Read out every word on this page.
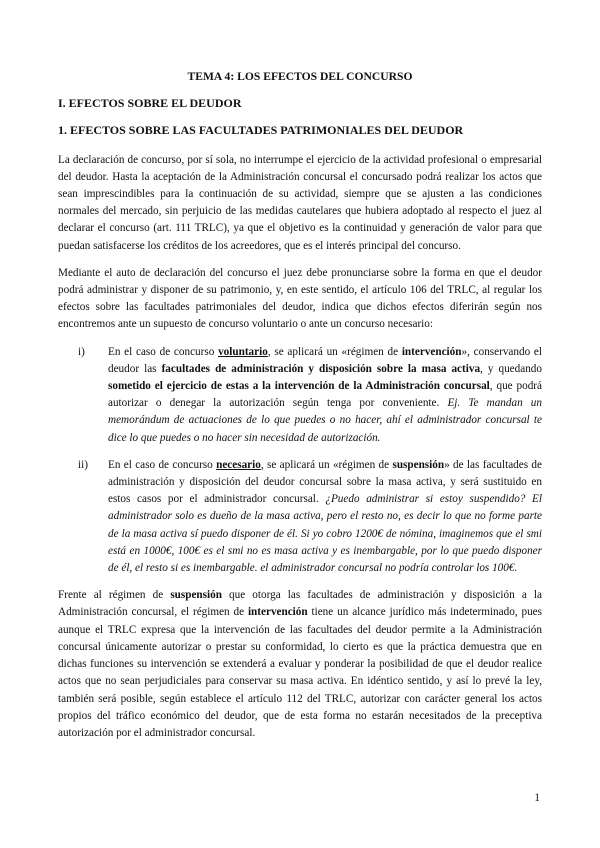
TEMA 4: LOS EFECTOS DEL CONCURSO
I. EFECTOS SOBRE EL DEUDOR
1. EFECTOS SOBRE LAS FACULTADES PATRIMONIALES DEL DEUDOR

La declaración de concurso, por sí sola, no interrumpe el ejercicio de la actividad profesional o empresarial del deudor. Hasta la aceptación de la Administración concursal el concursado podrá realizar los actos que sean imprescindibles para la continuación de su actividad, siempre que se ajusten a las condiciones normales del mercado, sin perjuicio de las medidas cautelares que hubiera adoptado al respecto el juez al declarar el concurso (art. 111 TRLC), ya que el objetivo es la continuidad y generación de valor para que puedan satisfacerse los créditos de los acreedores, que es el interés principal del concurso.

Mediante el auto de declaración del concurso el juez debe pronunciarse sobre la forma en que el deudor podrá administrar y disponer de su patrimonio, y, en este sentido, el artículo 106 del TRLC, al regular los efectos sobre las facultades patrimoniales del deudor, indica que dichos efectos diferirán según nos encontremos ante un supuesto de concurso voluntario o ante un concurso necesario:

i)	En el caso de concurso voluntario, se aplicará un «régimen de intervención», conservando el deudor las facultades de administración y disposición sobre la masa activa, y quedando sometido el ejercicio de estas a la intervención de la Administración concursal, que podrá autorizar o denegar la autorización según tenga por conveniente. Ej. Te mandan un memorándum de actuaciones de lo que puedes o no hacer, ahí el administrador concursal te dice lo que puedes o no hacer sin necesidad de autorización.
ii)	En el caso de concurso necesario, se aplicará un «régimen de suspensión» de las facultades de administración y disposición del deudor concursal sobre la masa activa, y será sustituido en estos casos por el administrador concursal. ¿Puedo administrar si estoy suspendido? El administrador solo es dueño de la masa activa, pero el resto no, es decir lo que no forme parte de la masa activa sí puedo disponer de él. Si yo cobro 1200€ de nómina, imaginemos que el smi está en 1000€, 100€ es el smi no es masa activa y es inembargable, por lo que puedo disponer de él, el resto si es inembargable. el administrador concursal no podría controlar los 100€.

Frente al régimen de suspensión que otorga las facultades de administración y disposición a la Administración concursal, el régimen de intervención tiene un alcance jurídico más indeterminado, pues aunque el TRLC expresa que la intervención de las facultades del deudor permite a la Administración concursal únicamente autorizar o prestar su conformidad, lo cierto es que la práctica demuestra que en dichas funciones su intervención se extenderá a evaluar y ponderar la posibilidad de que el deudor realice actos que no sean perjudiciales para conservar su masa activa. En idéntico sentido, y así lo prevé la ley, también será posible, según establece el artículo 112 del TRLC, autorizar con carácter general los actos propios del tráfico económico del deudor, que de esta forma no estarán necesitados de la preceptiva autorización por el administrador concursal.

1
